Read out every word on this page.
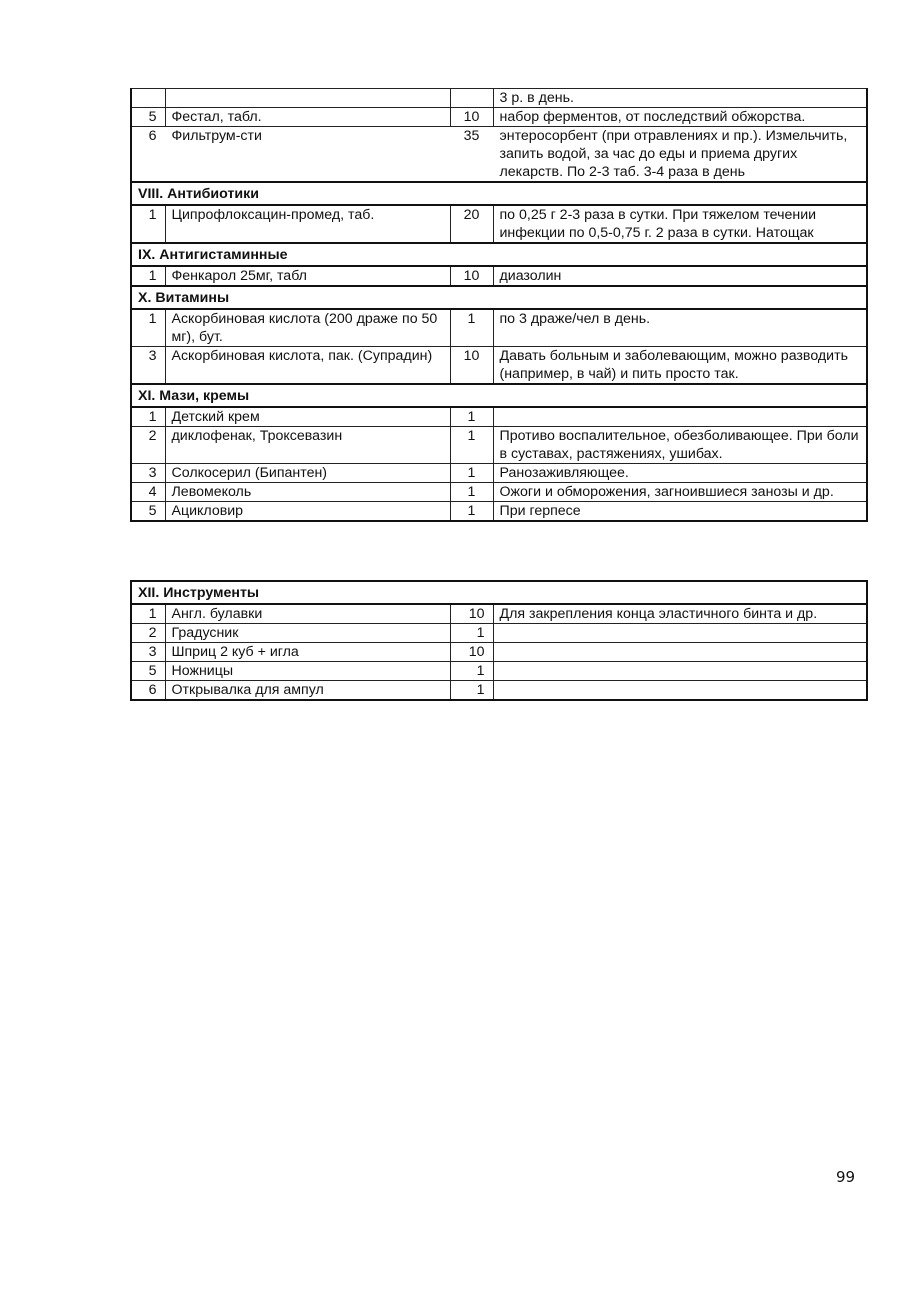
			3 р. в день.
5	Фестал, табл.	10	набор ферментов, от последствий обжорства.
6	Фильтрум-сти	35	энтеросорбент (при отравлениях и пр.). Измельчить, запить водой, за час до еды и приема других лекарств. По 2-3 таб. 3-4 раза в день
VIII. Антибиотики			
1	Ципрофлоксацин-промед, таб.	20	по 0,25 г 2-3 раза в сутки. При тяжелом течении инфекции по 0,5-0,75 г. 2 раза в сутки. Натощак
IX. Антигистаминные			
1	Фенкарол 25мг, табл	10	диазолин
X. Витамины			
1	Аскорбиновая кислота (200 драже по 50 мг), бут.	1	по 3 драже/чел в день.
3	Аскорбиновая кислота, пак. (Супрадин)	10	Давать больным и заболевающим, можно разводить (например, в чай) и пить просто так.
XI. Мази, кремы			
1	Детский крем	1	
2	диклофенак, Троксевазин	1	Противо воспалительное, обезболивающее. При боли в суставах, растяжениях, ушибах.
3	Солкосерил (Бипантен)	1	Ранозаживляющее.
4	Левомеколь	1	Ожоги и обморожения, загноившиеся занозы и др.
5	Ацикловир	1	При герпесе
XII. Инструменты			
1	Англ. булавки	10	Для закрепления конца эластичного бинта и др.
2	Градусник	1	
3	Шприц 2 куб + игла	10	
5	Ножницы	1	
6	Открывалка для ампул	1	
99
